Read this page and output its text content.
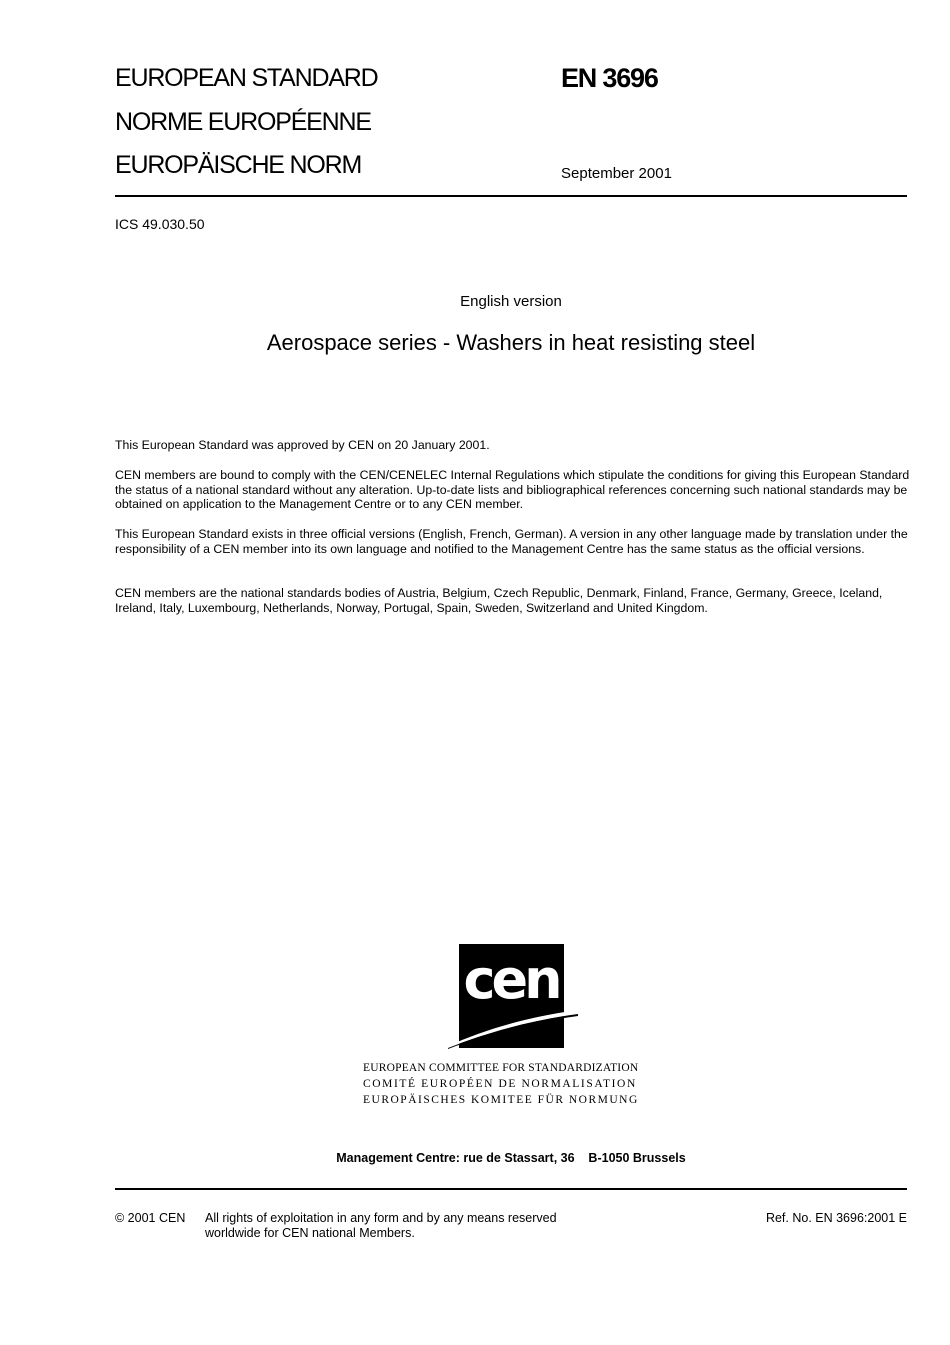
EUROPEAN STANDARD
NORME EUROPÉENNE
EUROPÄISCHE NORM
EN 3696
September 2001
ICS 49.030.50
English version
Aerospace series - Washers in heat resisting steel
This European Standard was approved by CEN on 20 January 2001.
CEN members are bound to comply with the CEN/CENELEC Internal Regulations which stipulate the conditions for giving this European Standard the status of a national standard without any alteration. Up-to-date lists and bibliographical references concerning such national standards may be obtained on application to the Management Centre or to any CEN member.
This European Standard exists in three official versions (English, French, German). A version in any other language made by translation under the responsibility of a CEN member into its own language and notified to the Management Centre has the same status as the official versions.
CEN members are the national standards bodies of Austria, Belgium, Czech Republic, Denmark, Finland, France, Germany, Greece, Iceland, Ireland, Italy, Luxembourg, Netherlands, Norway, Portugal, Spain, Sweden, Switzerland and United Kingdom.
cen
EUROPEAN COMMITTEE FOR STANDARDIZATION
COMITÉ EUROPÉEN DE NORMALISATION
EUROPÄISCHES KOMITEE FÜR NORMUNG
Management Centre: rue de Stassart, 36    B-1050 Brussels
© 2001 CEN All rights of exploitation in any form and by any means reserved
worldwide for CEN national Members.
Ref. No. EN 3696:2001 E
